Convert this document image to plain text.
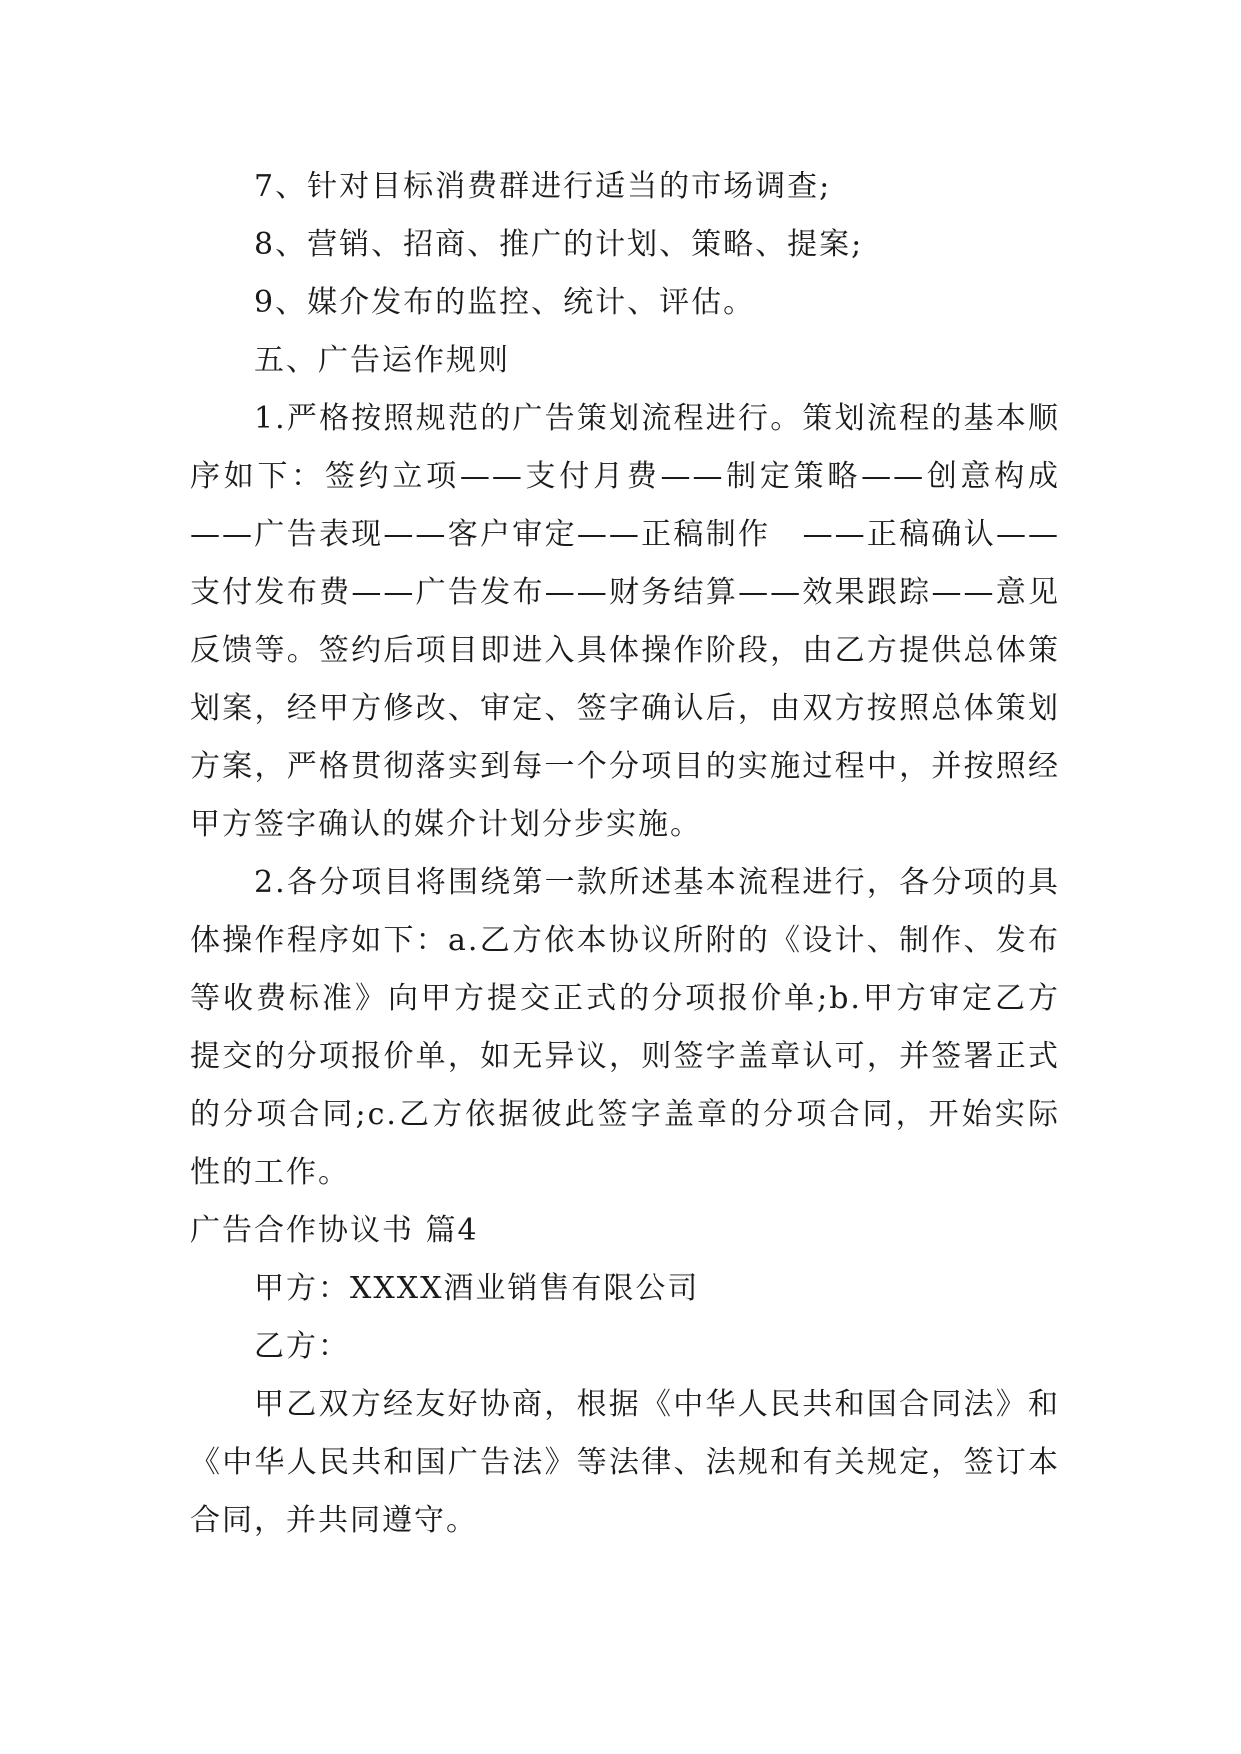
7、针对目标消费群进行适当的市场调查;

8、营销、招商、推广的计划、策略、提案;

9、媒介发布的监控、统计、评估。

五、广告运作规则

1.严格按照规范的广告策划流程进行。策划流程的基本顺序如下：签约立项——支付月费——制定策略——创意构成——广告表现——客户审定——正稿制作　——正稿确认——支付发布费——广告发布——财务结算——效果跟踪——意见反馈等。签约后项目即进入具体操作阶段，由乙方提供总体策划案，经甲方修改、审定、签字确认后，由双方按照总体策划方案，严格贯彻落实到每一个分项目的实施过程中，并按照经甲方签字确认的媒介计划分步实施。

2.各分项目将围绕第一款所述基本流程进行，各分项的具体操作程序如下：a.乙方依本协议所附的《设计、制作、发布等收费标准》向甲方提交正式的分项报价单;b.甲方审定乙方提交的分项报价单，如无异议，则签字盖章认可，并签署正式的分项合同;c.乙方依据彼此签字盖章的分项合同，开始实际性的工作。

广告合作协议书 篇4

甲方：XXXX酒业销售有限公司

乙方：

甲乙双方经友好协商，根据《中华人民共和国合同法》和《中华人民共和国广告法》等法律、法规和有关规定，签订本合同，并共同遵守。
